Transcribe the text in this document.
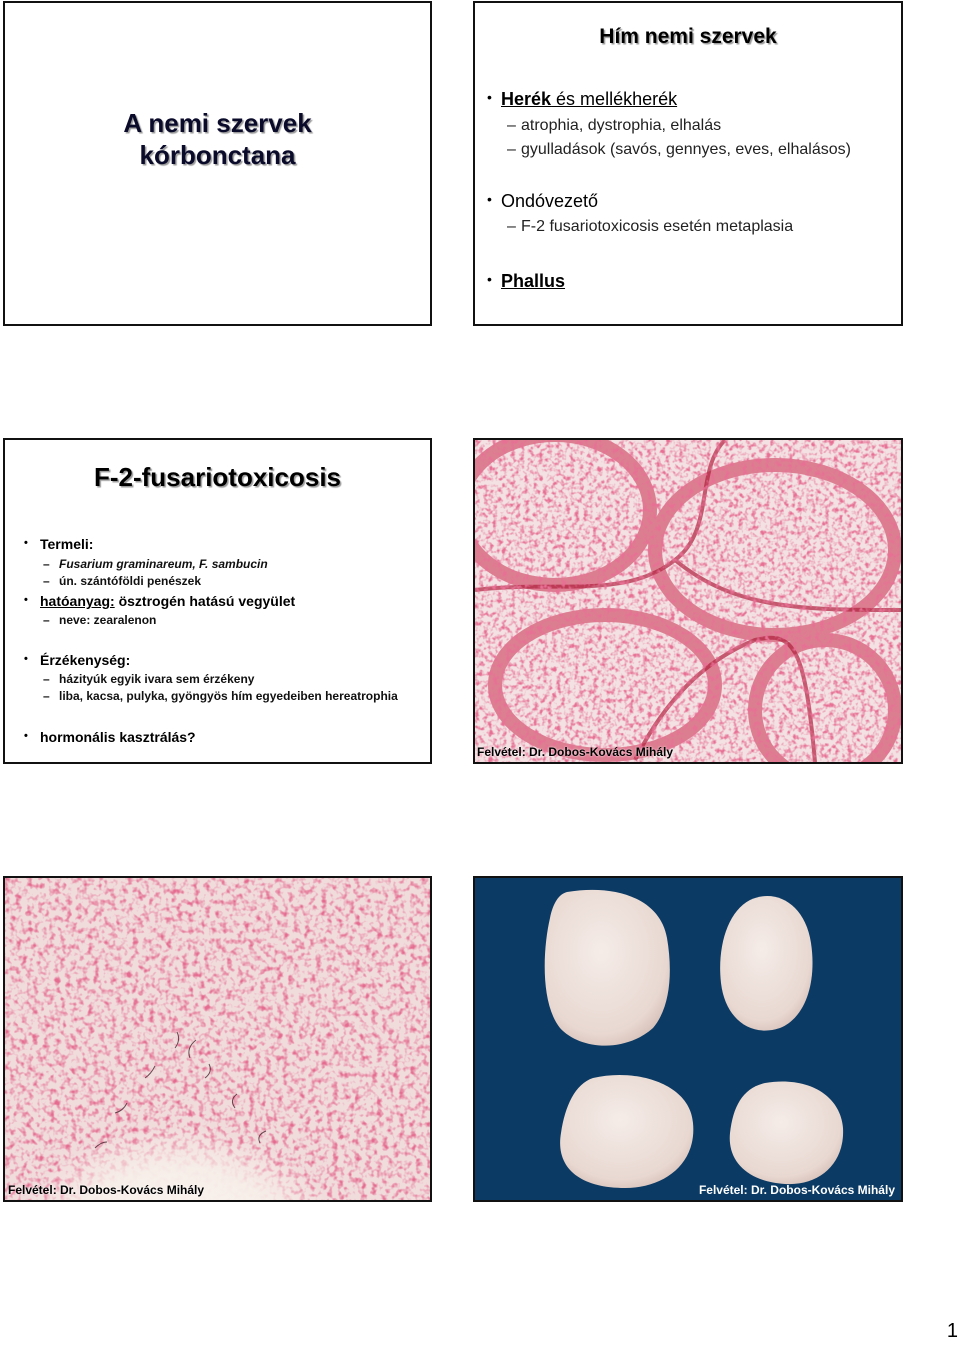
A nemi szervek
kórbonctana
Hím nemi szervek
• Herék és mellékherék
– atrophia, dystrophia, elhalás
– gyulladások (savós, gennyes, eves, elhalásos)
• Ondóvezető
– F-2 fusariotoxicosis esetén metaplasia
• Phallus
F-2-fusariotoxicosis
• Termeli:
– Fusarium graminareum, F. sambucin
– ún. szántóföldi penészek
• hatóanyag: ösztrogén hatású vegyület
– neve: zearalenon
• Érzékenység:
– házityúk egyik ivara sem érzékeny
– liba, kacsa, pulyka, gyöngyös hím egyedeiben hereatrophia
• hormonális kasztrálás?
Felvétel: Dr. Dobos-Kovács Mihály
Felvétel: Dr. Dobos-Kovács Mihály	Felvétel: Dr. Dobos-Kovács Mihály
1
